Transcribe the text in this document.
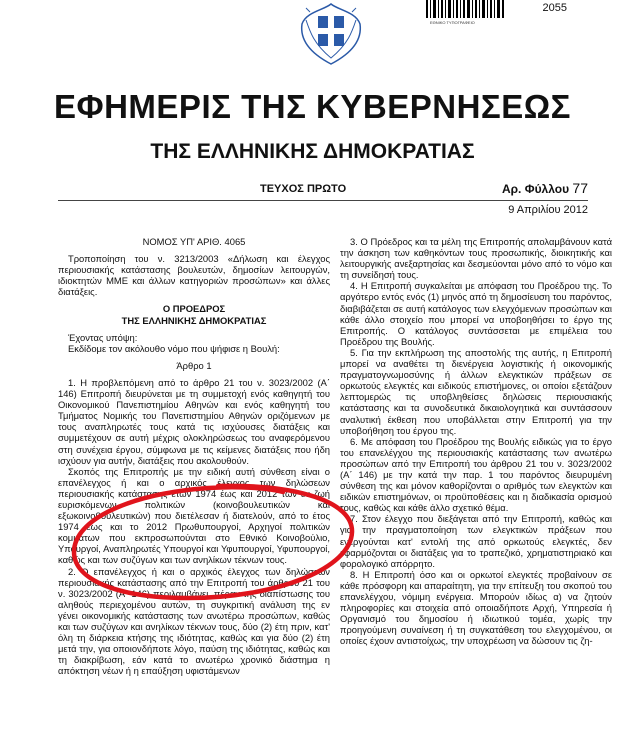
ΕΘΝΙΚΟ ΤΥΠΟΓΡΑΦΕΙΟ
2055
ΕΦΗΜΕΡΙΣ ΤΗΣ ΚΥΒΕΡΝΗΣΕΩΣ
ΤΗΣ ΕΛΛΗΝΙΚΗΣ ΔΗΜΟΚΡΑΤΙΑΣ
ΤΕΥΧΟΣ ΠΡΩΤΟ	Αρ. Φύλλου 77
9 Απριλίου 2012

ΝΟΜΟΣ ΥΠ' ΑΡΙΘ. 4065

Τροποποίηση του ν. 3213/2003 «Δήλωση και έλεγχος περιουσιακής κατάστασης βουλευτών, δημοσίων λειτουργών, ιδιοκτητών ΜΜΕ και άλλων κατηγοριών προσώπων» και άλλες διατάξεις.

Ο ΠΡΟΕΔΡΟΣ

ΤΗΣ ΕΛΛΗΝΙΚΗΣ ΔΗΜΟΚΡΑΤΙΑΣ

Έχοντας υπόψη:

Εκδίδομε τον ακόλουθο νόμο που ψήφισε η Βουλή:

Άρθρο 1

1. Η προβλεπόμενη από το άρθρο 21 του ν. 3023/2002 (Α΄ 146) Επιτροπή διευρύνεται με τη συμμετοχή ενός καθηγητή του Οικονομικού Πανεπιστημίου Αθηνών και ενός καθηγητή του Τμήματος Νομικής του Πανεπιστημίου Αθηνών οριζόμενων με τους αναπληρωτές τους κατά τις ισχύουσες διατάξεις και συμμετέχουν σε αυτή μέχρις ολοκληρώσεως του αναφερόμενου στη συνέχεια έργου, σύμφωνα με τις κείμενες διατάξεις που ήδη ισχύουν για αυτήν, διατάξεις που ακολουθούν.

Σκοπός της Επιτροπής με την ειδική αυτή σύνθεση είναι ο επανέλεγχος ή και ο αρχικός έλεγχος των δηλώσεων περιουσιακής κατάστασης ετών 1974 έως και 2012 των εν ζωή ευρισκόμενων πολιτικών (κοινοβουλευτικών και εξωκοινοβουλευτικών) που διετέλεσαν ή διατελούν, από το έτος 1974 έως και το 2012 Πρωθυπουργοί, Αρχηγοί πολιτικών κομμάτων που εκπροσωπούνται στο Εθνικό Κοινοβούλιο, Υπουργοί, Αναπληρωτές Υπουργοί και Υφυπουργοί, Υφυπουργοί, καθώς και των συζύγων και των ανηλίκων τέκνων τους.

2. Ο επανέλεγχος ή και ο αρχικός έλεγχος των δηλώσεων περιουσιακής κατάστασης από την Επιτροπή του άρθρου 21 του ν. 3023/2002 (Α΄ 146) περιλαμβάνει, πέραν της διαπίστωσης του αληθούς περιεχομένου αυτών, τη συγκριτική ανάλυση της εν γένει οικονομικής κατάστασης των ανωτέρω προσώπων, καθώς και των συζύγων και ανηλίκων τέκνων τους, δύο (2) έτη πριν, κατ' όλη τη διάρκεια κτήσης της ιδιότητας, καθώς και για δύο (2) έτη μετά την, για οποιονδήποτε λόγο, παύση της ιδιότητας, καθώς και τη διακρίβωση, εάν κατά το ανωτέρω χρονικό διάστημα η απόκτηση νέων ή η επαύξηση υφιστάμενων

3. Ο Πρόεδρος και τα μέλη της Επιτροπής απολαμβάνουν κατά την άσκηση των καθηκόντων τους προσωπικής, διοικητικής και λειτουργικής ανεξαρτησίας και δεσμεύονται μόνο από το νόμο και τη συνείδησή τους.

4. Η Επιτροπή συγκαλείται με απόφαση του Προέδρου της. Το αργότερο εντός ενός (1) μηνός από τη δημοσίευση του παρόντος, διαβιβάζεται σε αυτή κατάλογος των ελεγχόμενων προσώπων και κάθε άλλο στοιχείο που μπορεί να υποβοηθήσει το έργο της Επιτροπής. Ο κατάλογος συντάσσεται με επιμέλεια του Προέδρου της Βουλής.

5. Για την εκπλήρωση της αποστολής της αυτής, η Επιτροπή μπορεί να αναθέτει τη διενέργεια λογιστικής ή οικονομικής πραγματογνωμοσύνης ή άλλων ελεγκτικών πράξεων σε ορκωτούς ελεγκτές και ειδικούς επιστήμονες, οι οποίοι εξετάζουν λεπτομερώς τις υποβληθείσες δηλώσεις περιουσιακής κατάστασης και τα συνοδευτικά δικαιολογητικά και συντάσσουν αναλυτική έκθεση που υποβάλλεται στην Επιτροπή για την υποβοήθηση του έργου της.

6. Με απόφαση του Προέδρου της Βουλής ειδικώς για το έργο του επανελέγχου της περιουσιακής κατάστασης των ανωτέρω προσώπων από την Επιτροπή του άρθρου 21 του ν. 3023/2002 (Α΄ 146) με την κατά την παρ. 1 του παρόντος διευρυμένη σύνθεση της και μόνον καθορίζονται ο αριθμός των ελεγκτών και ειδικών επιστημόνων, οι προϋποθέσεις και η διαδικασία ορισμού τους, καθώς και κάθε άλλο σχετικό θέμα.

7. Στον έλεγχο που διεξάγεται από την Επιτροπή, καθώς και για την πραγματοποίηση των ελεγκτικών πράξεων που ενεργούνται κατ' εντολή της από ορκωτούς ελεγκτές, δεν εφαρμόζονται οι διατάξεις για το τραπεζικό, χρηματιστηριακό και φορολογικό απόρρητο.

8. Η Επιτροπή όσο και οι ορκωτοί ελεγκτές προβαίνουν σε κάθε πρόσφορη και απαραίτητη, για την επίτευξη του σκοπού του επανελέγχου, νόμιμη ενέργεια. Μπορούν ιδίως α) να ζητούν πληροφορίες και στοιχεία από οποιαδήποτε Αρχή, Υπηρεσία ή Οργανισμό του δημοσίου ή ιδιωτικού τομέα, χωρίς την προηγούμενη συναίνεση ή τη συγκατάθεση του ελεγχομένου, οι οποίες έχουν αντιστοίχως, την υποχρέωση να δώσουν τις ζη-
